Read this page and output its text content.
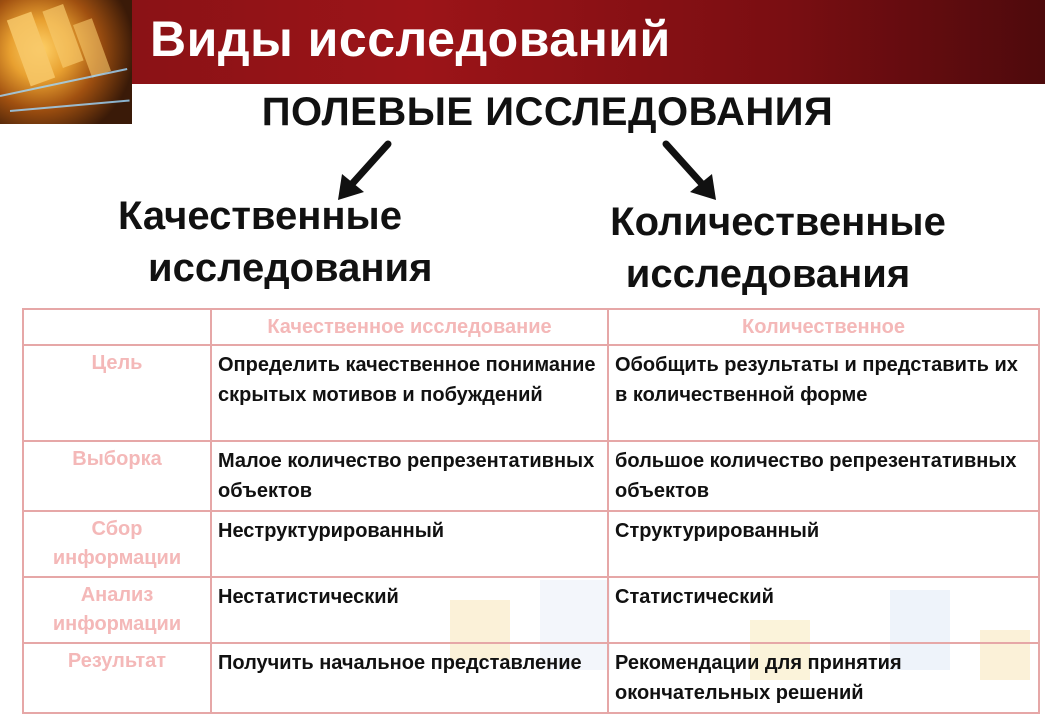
Виды исследований
ПОЛЕВЫЕ ИССЛЕДОВАНИЯ
Качественные
исследования
Количественные
исследования
	Качественное исследование	Количественное
Цель	Определить качественное понимание скрытых мотивов и побуждений	Обобщить результаты и представить их в количественной форме
Выборка	Малое количество репрезентативных объектов	большое количество репрезентативных объектов
Сбор информации	Неструктурированный	Структурированный
Анализ информации	Нестатистический	Статистический
Результат	Получить начальное представление	Рекомендации для принятия окончательных решений
